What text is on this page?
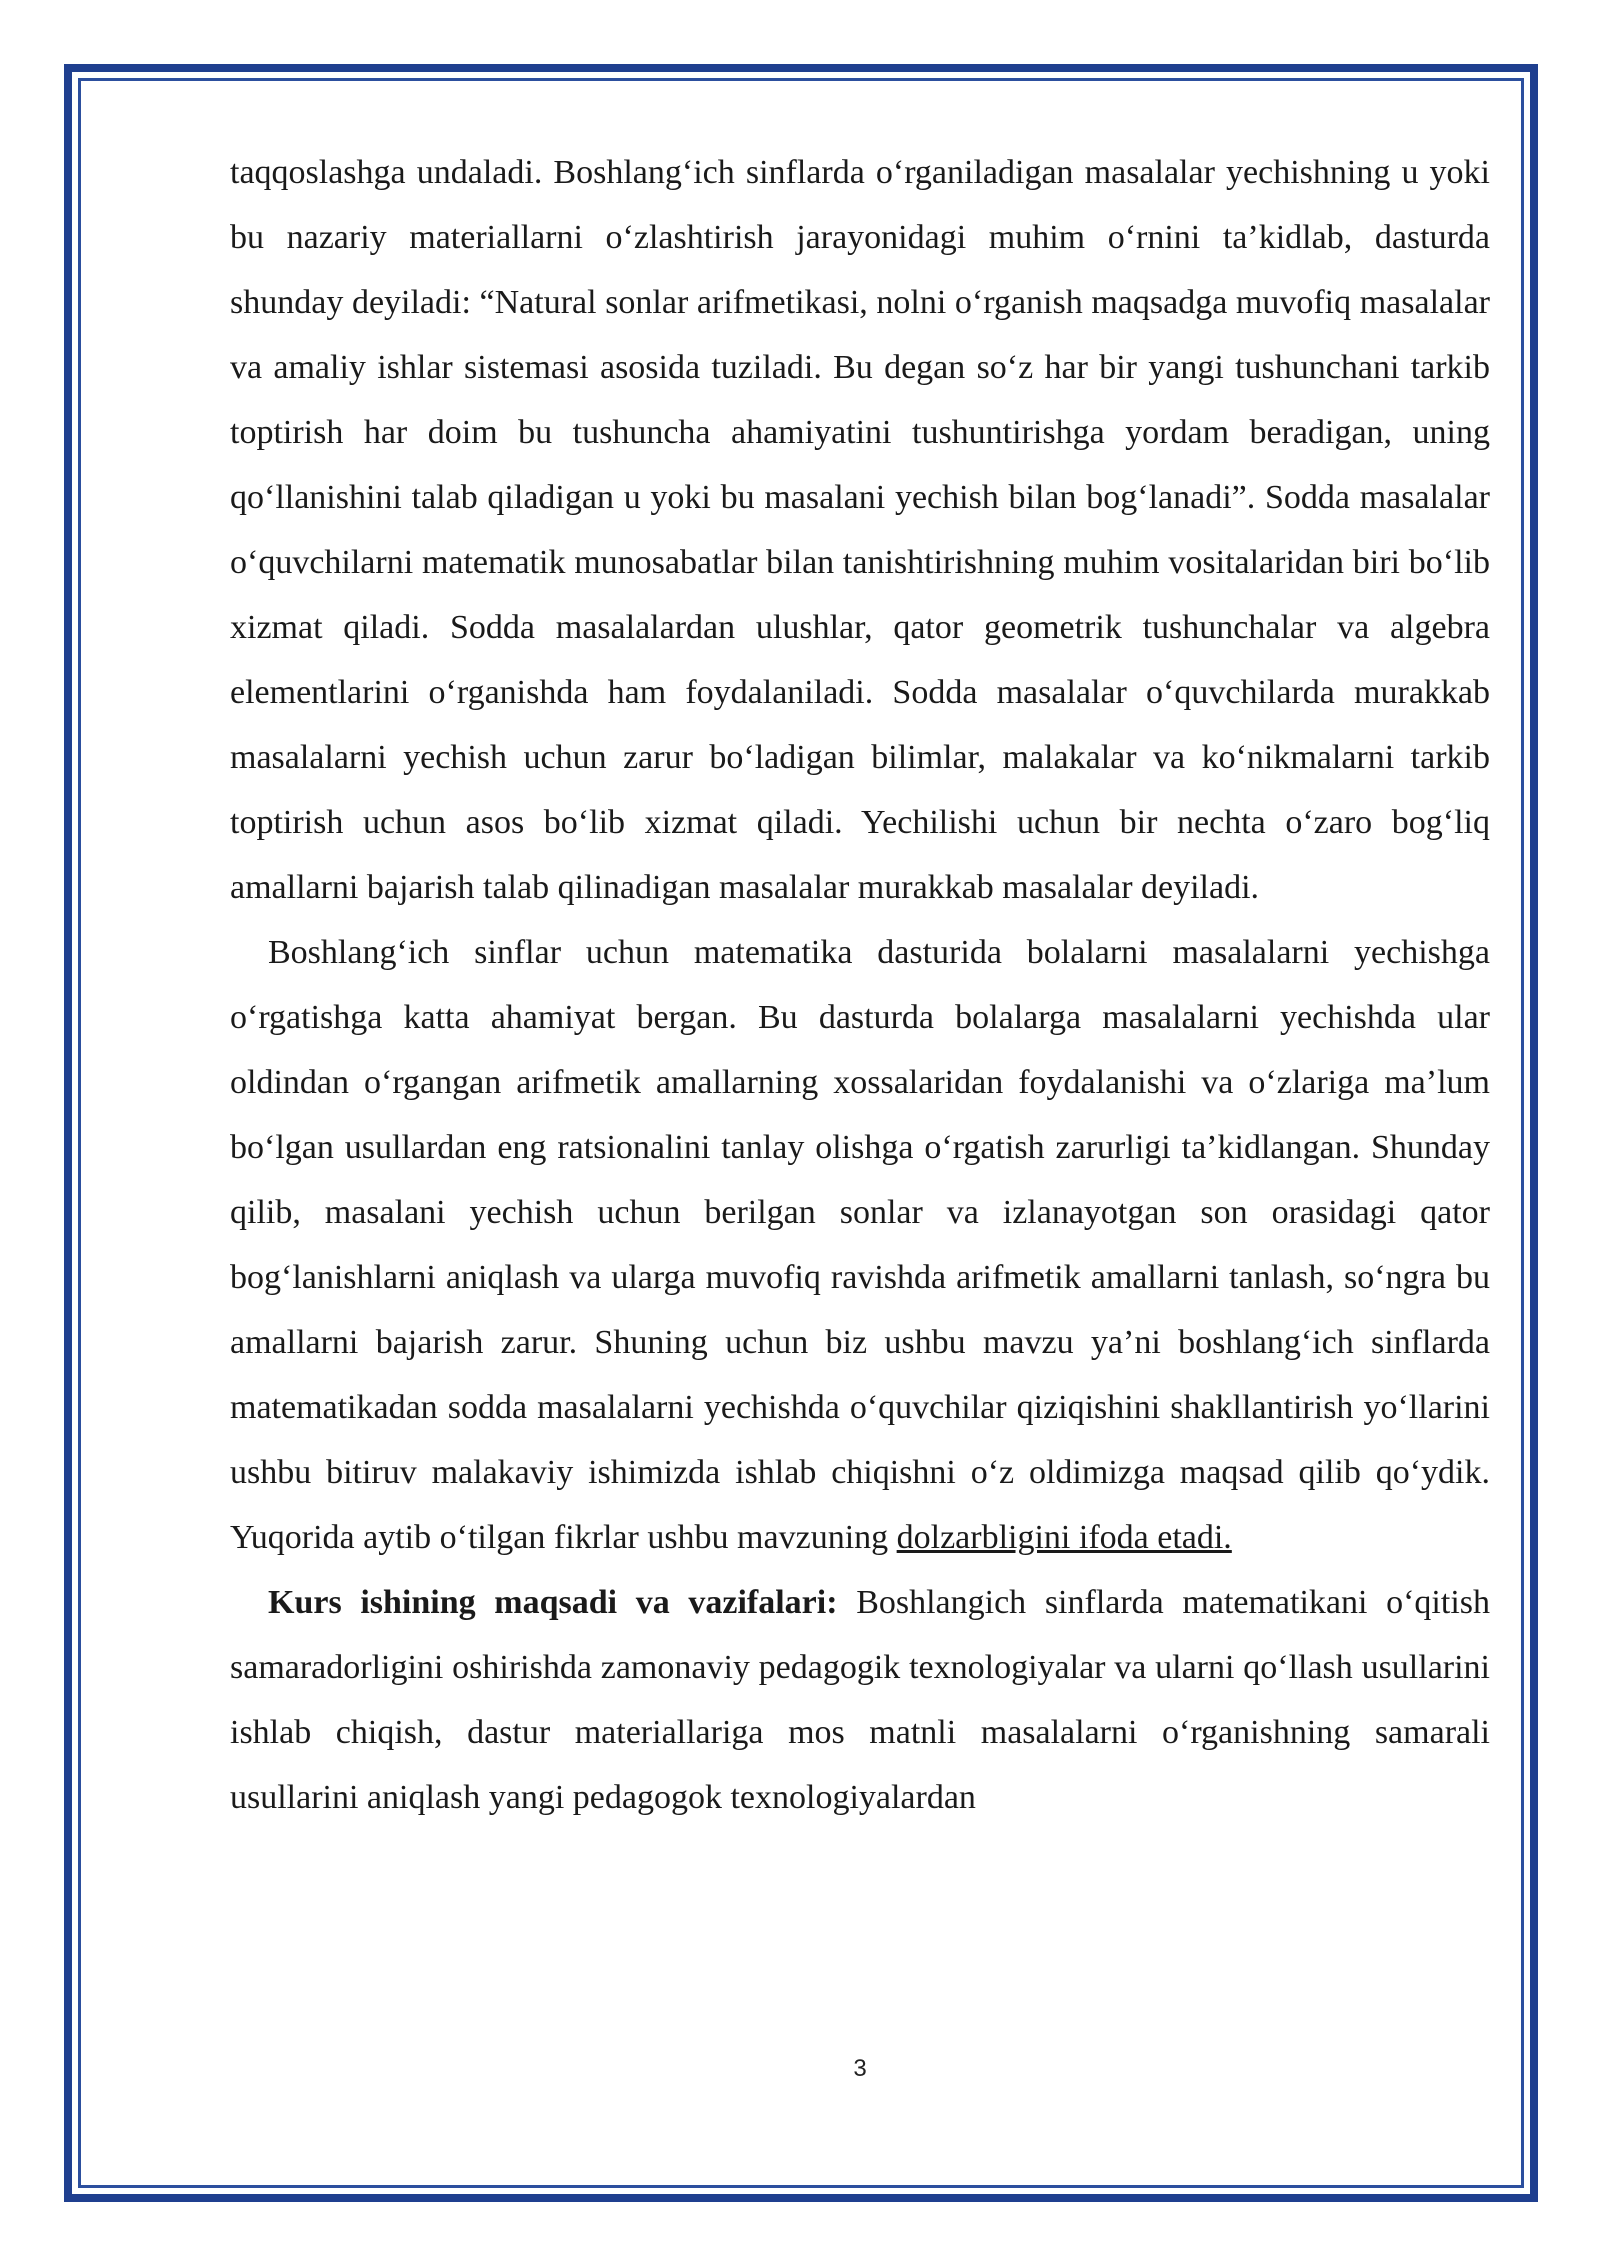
taqqoslashga undaladi. Boshlang‘ich sinflarda o‘rganiladigan masalalar yechishning u yoki bu nazariy materiallarni o‘zlashtirish jarayonidagi muhim o‘rnini ta’kidlab, dasturda shunday deyiladi: “Natural sonlar arifmetikasi, nolni o‘rganish maqsadga muvofiq masalalar va amaliy ishlar sistemasi asosida tuziladi. Bu degan so‘z har bir yangi tushunchani tarkib toptirish har doim bu tushuncha ahamiyatini tushuntirishga yordam beradigan, uning qo‘llanishini talab qiladigan u yoki bu masalani yechish bilan bog‘lanadi”. Sodda masalalar o‘quvchilarni matematik munosabatlar bilan tanishtirishning muhim vositalaridan biri bo‘lib xizmat qiladi. Sodda masalalardan ulushlar, qator geometrik tushunchalar va algebra elementlarini o‘rganishda ham foydalaniladi. Sodda masalalar o‘quvchilarda murakkab masalalarni yechish uchun zarur bo‘ladigan bilimlar, malakalar va ko‘nikmalarni tarkib toptirish uchun asos bo‘lib xizmat qiladi. Yechilishi uchun bir nechta o‘zaro bog‘liq amallarni bajarish talab qilinadigan masalalar murakkab masalalar deyiladi.

Boshlang‘ich sinflar uchun matematika dasturida bolalarni masalalarni yechishga o‘rgatishga katta ahamiyat bergan. Bu dasturda bolalarga masalalarni yechishda ular oldindan o‘rgangan arifmetik amallarning xossalaridan foydalanishi va o‘zlariga ma’lum bo‘lgan usullardan eng ratsionalini tanlay olishga o‘rgatish zarurligi ta’kidlangan. Shunday qilib, masalani yechish uchun berilgan sonlar va izlanayotgan son orasidagi qator bog‘lanishlarni aniqlash va ularga muvofiq ravishda arifmetik amallarni tanlash, so‘ngra bu amallarni bajarish zarur. Shuning uchun biz ushbu mavzu ya’ni boshlang‘ich sinflarda matematikadan sodda masalalarni yechishda o‘quvchilar qiziqishini shakllantirish yo‘llarini ushbu bitiruv malakaviy ishimizda ishlab chiqishni o‘z oldimizga maqsad qilib qo‘ydik. Yuqorida aytib o‘tilgan fikrlar ushbu mavzuning dolzarbligini ifoda etadi.

Kurs ishining maqsadi va vazifalari: Boshlangich sinflarda matematikani o‘qitish samaradorligini oshirishda zamonaviy pedagogik texnologiyalar va ularni qo‘llash usullarini ishlab chiqish, dastur materiallariga mos matnli masalalarni o‘rganishning samarali usullarini aniqlash yangi pedagogok texnologiyalardan

3
